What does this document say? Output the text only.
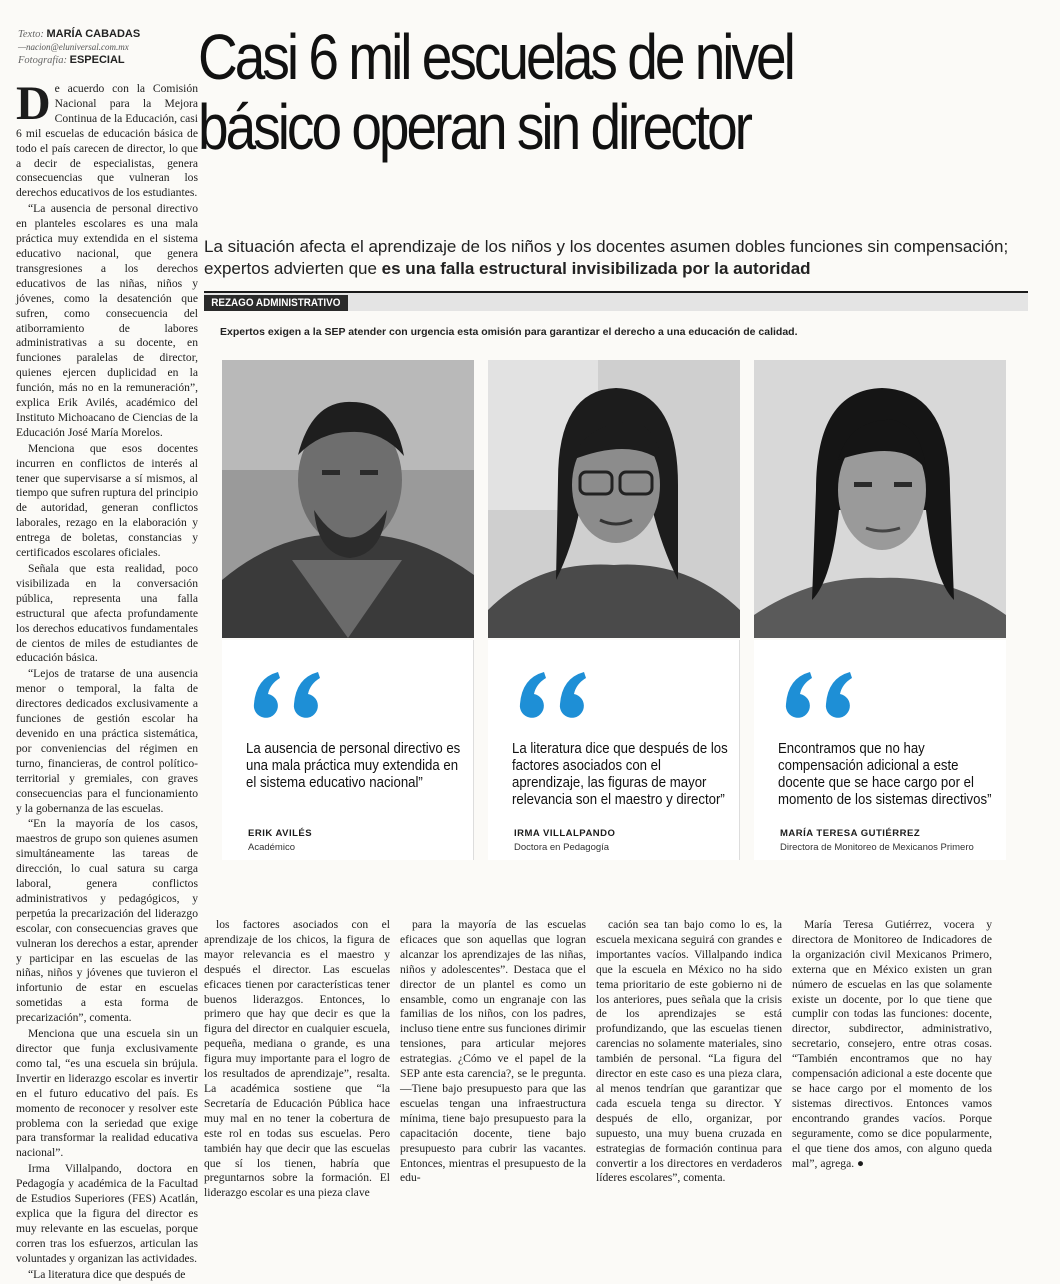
Texto: MARÍA CABADAS
—nacion@eluniversal.com.mx
Fotografía: ESPECIAL	Casi 6 mil escuelas de nivel
básico operan sin director
La situación afecta el aprendizaje de los niños y los docentes asumen dobles funciones sin compensación; expertos advierten que es una falla estructural invisibilizada por la autoridad
REZAGO ADMINISTRATIVO
Expertos exigen a la SEP atender con urgencia esta omisión para garantizar el derecho a una educación de calidad.

De acuerdo con la Comisión Nacional para la Mejora Continua de la Educación, casi 6 mil escuelas de educación básica de todo el país carecen de director, lo que a decir de especialistas, genera consecuencias que vulneran los derechos educativos de los estudiantes.

“La ausencia de personal directivo en planteles escolares es una mala práctica muy extendida en el sistema educativo nacional, que genera transgresiones a los derechos educativos de las niñas, niños y jóvenes, como la desatención que sufren, como consecuencia del atiborramiento de labores administrativas a su docente, en funciones paralelas de director, quienes ejercen duplicidad en la función, más no en la remuneración”, explica Erik Avilés, académico del Instituto Michoacano de Ciencias de la Educación José María Morelos.

Menciona que esos docentes incurren en conflictos de interés al tener que supervisarse a sí mismos, al tiempo que sufren ruptura del principio de autoridad, generan conflictos laborales, rezago en la elaboración y entrega de boletas, constancias y certificados escolares oficiales.

Señala que esta realidad, poco visibilizada en la conversación pública, representa una falla estructural que afecta profundamente los derechos educativos fundamentales de cientos de miles de estudiantes de educación básica.

“Lejos de tratarse de una ausencia menor o temporal, la falta de directores dedicados exclusivamente a funciones de gestión escolar ha devenido en una práctica sistemática, por conveniencias del régimen en turno, financieras, de control político-territorial y gremiales, con graves consecuencias para el funcionamiento y la gobernanza de las escuelas.

“En la mayoría de los casos, maestros de grupo son quienes asumen simultáneamente las tareas de dirección, lo cual satura su carga laboral, genera conflictos administrativos y pedagógicos, y perpetúa la precarización del liderazgo escolar, con consecuencias graves que vulneran los derechos a estar, aprender y participar en las escuelas de las niñas, niños y jóvenes que tuvieron el infortunio de estar en escuelas sometidas a esta forma de precarización”, comenta.

Menciona que una escuela sin un director que funja exclusivamente como tal, “es una escuela sin brújula. Invertir en liderazgo escolar es invertir en el futuro educativo del país. Es momento de reconocer y resolver este problema con la seriedad que exige para transformar la realidad educativa nacional”.

Irma Villalpando, doctora en Pedagogía y académica de la Facultad de Estudios Superiores (FES) Acatlán, explica que la figura del director es muy relevante en las escuelas, porque corren tras los esfuerzos, articulan las voluntades y organizan las actividades.

“La literatura dice que después de

La ausencia de personal directivo es una mala práctica muy extendida en el sistema educativo nacional”
ERIK AVILÉS
Académico
La literatura dice que después de los factores asociados con el aprendizaje, las figuras de mayor relevancia son el maestro y director”
IRMA VILLALPANDO
Doctora en Pedagogía
Encontramos que no hay compensación adicional a este docente que se hace cargo por el momento de los sistemas directivos”
MARÍA TERESA GUTIÉRREZ
Directora de Monitoreo de Mexicanos Primero

los factores asociados con el aprendizaje de los chicos, la figura de mayor relevancia es el maestro y después el director. Las escuelas eficaces tienen por características tener buenos liderazgos. Entonces, lo primero que hay que decir es que la figura del director en cualquier escuela, pequeña, mediana o grande, es una figura muy importante para el logro de los resultados de aprendizaje”, resalta. La académica sostiene que “la Secretaría de Educación Pública hace muy mal en no tener la cobertura de este rol en todas sus escuelas. Pero también hay que decir que las escuelas que sí los tienen, habría que preguntarnos sobre la formación. El liderazgo escolar es una pieza clave

para la mayoría de las escuelas eficaces que son aquellas que logran alcanzar los aprendizajes de las niñas, niños y adolescentes”. Destaca que el director de un plantel es como un ensamble, como un engranaje con las familias de los niños, con los padres, incluso tiene entre sus funciones dirimir tensiones, para articular mejores estrategias. ¿Cómo ve el papel de la SEP ante esta carencia?, se le pregunta. —Tiene bajo presupuesto para que las escuelas tengan una infraestructura mínima, tiene bajo presupuesto para la capacitación docente, tiene bajo presupuesto para cubrir las vacantes. Entonces, mientras el presupuesto de la edu-

cación sea tan bajo como lo es, la escuela mexicana seguirá con grandes e importantes vacíos. Villalpando indica que la escuela en México no ha sido tema prioritario de este gobierno ni de los anteriores, pues señala que la crisis de los aprendizajes se está profundizando, que las escuelas tienen carencias no solamente materiales, sino también de personal. “La figura del director en este caso es una pieza clara, al menos tendrían que garantizar que cada escuela tenga su director. Y después de ello, organizar, por supuesto, una muy buena cruzada en estrategias de formación continua para convertir a los directores en verdaderos líderes escolares”, comenta.

María Teresa Gutiérrez, vocera y directora de Monitoreo de Indicadores de la organización civil Mexicanos Primero, externa que en México existen un gran número de escuelas en las que solamente existe un docente, por lo que tiene que cumplir con todas las funciones: docente, director, subdirector, administrativo, secretario, consejero, entre otras cosas. “También encontramos que no hay compensación adicional a este docente que se hace cargo por el momento de los sistemas directivos. Entonces vamos encontrando grandes vacíos. Porque seguramente, como se dice popularmente, el que tiene dos amos, con alguno queda mal”, agrega. ●
